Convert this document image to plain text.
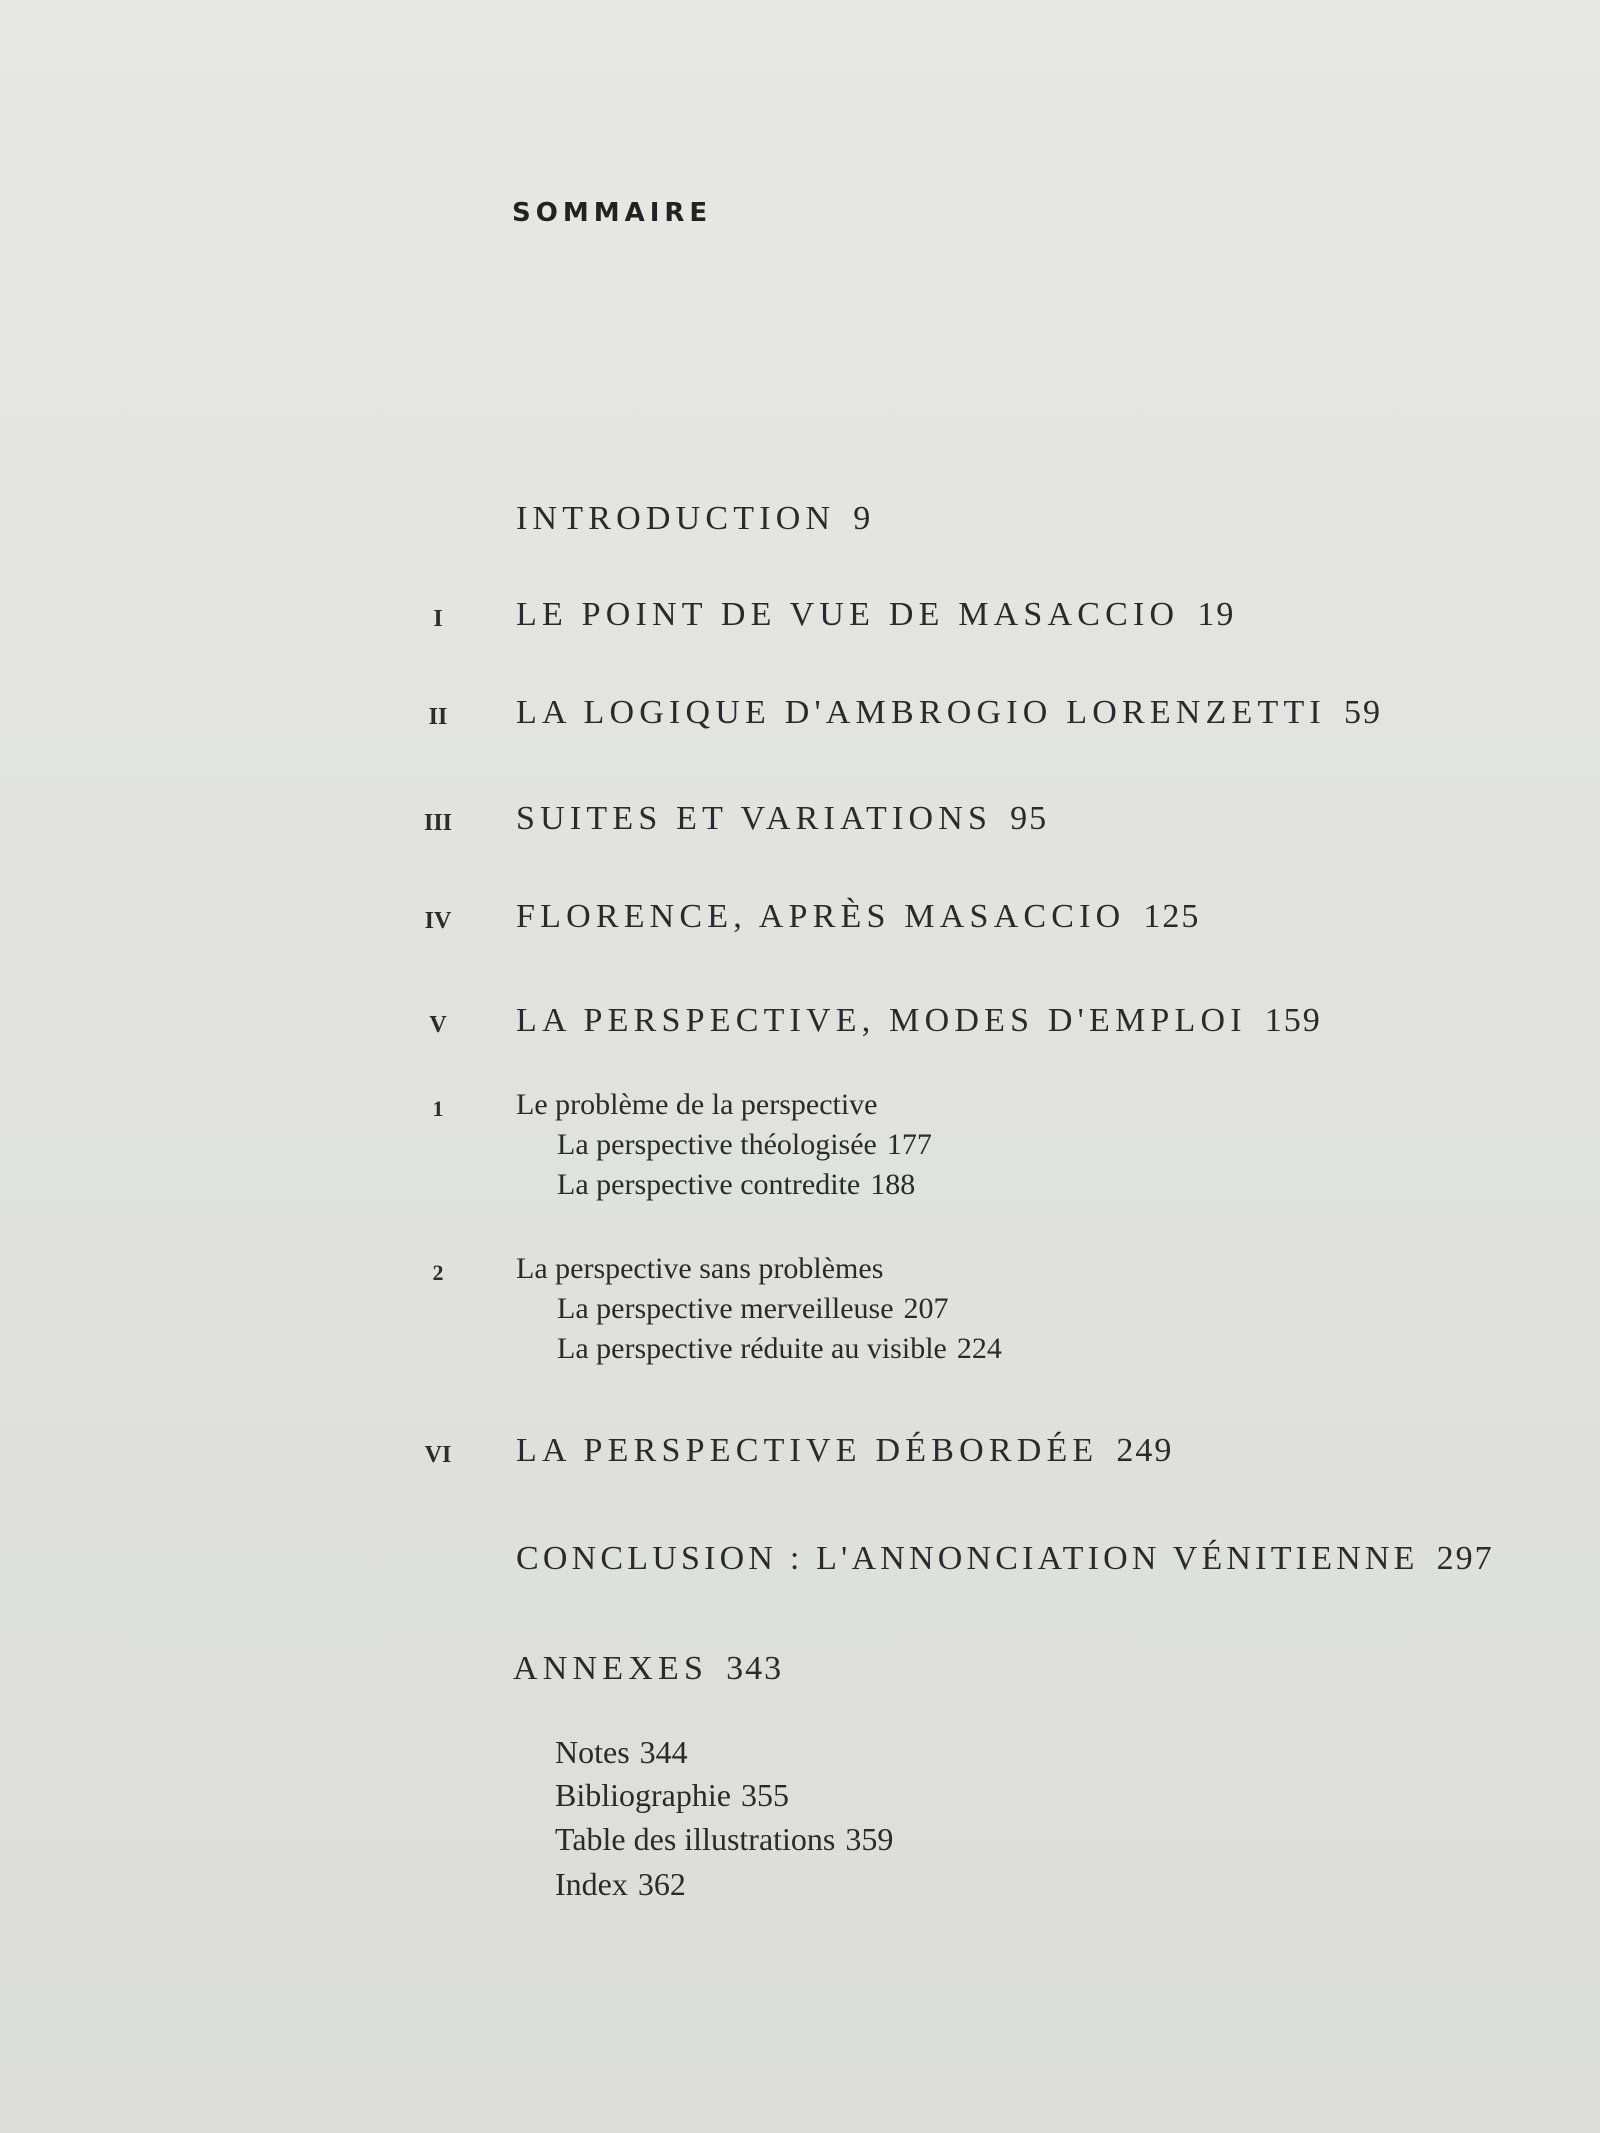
SOMMAIRE
INTRODUCTION 9
I	LE POINT DE VUE DE MASACCIO 19
II	LA LOGIQUE D'AMBROGIO LORENZETTI 59
III	SUITES ET VARIATIONS 95
IV	FLORENCE, APRÈS MASACCIO 125
V	LA PERSPECTIVE, MODES D'EMPLOI 159
1	Le problème de la perspective
La perspective théologisée 177
La perspective contredite 188
2	La perspective sans problèmes
La perspective merveilleuse 207
La perspective réduite au visible 224
VI	LA PERSPECTIVE DÉBORDÉE 249
CONCLUSION : L'ANNONCIATION VÉNITIENNE 297
ANNEXES 343
Notes 344
Bibliographie 355
Table des illustrations 359
Index 362
